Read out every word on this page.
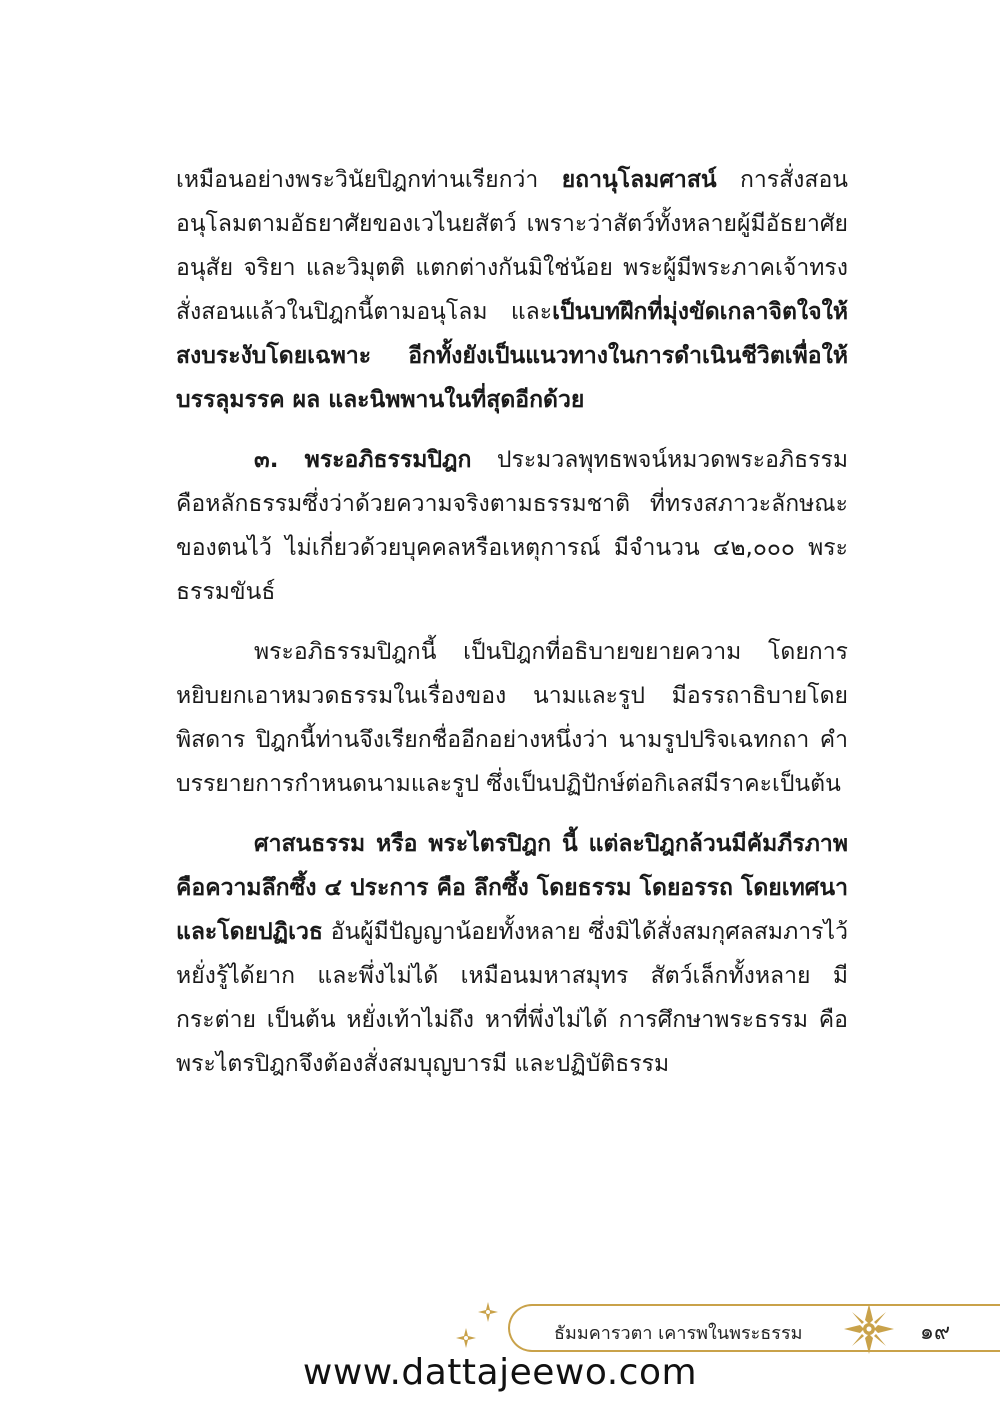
เหมือนอย่างพระวินัยปิฎกท่านเรียกว่า ยถานุโลมศาสน์ การสั่งสอนอนุโลมตามอัธยาศัยของเวไนยสัตว์ เพราะว่าสัตว์ทั้งหลายผู้มีอัธยาศัยอนุสัย จริยา และวิมุตติ แตกต่างกันมิใช่น้อย พระผู้มีพระภาคเจ้าทรงสั่งสอนแล้วในปิฎกนี้ตามอนุโลม และเป็นบทฝึกที่มุ่งขัดเกลาจิตใจให้สงบระงับโดยเฉพาะ อีกทั้งยังเป็นแนวทางในการดำเนินชีวิตเพื่อให้บรรลุมรรค ผล และนิพพานในที่สุดอีกด้วย

๓. พระอภิธรรมปิฎก ประมวลพุทธพจน์หมวดพระอภิธรรม คือหลักธรรมซึ่งว่าด้วยความจริงตามธรรมชาติ ที่ทรงสภาวะลักษณะของตนไว้ ไม่เกี่ยวด้วยบุคคลหรือเหตุการณ์ มีจำนวน ๔๒,๐๐๐ พระธรรมขันธ์

พระอภิธรรมปิฎกนี้ เป็นปิฎกที่อธิบายขยายความ โดยการหยิบยกเอาหมวดธรรมในเรื่องของ นามและรูป มีอรรถาธิบายโดยพิสดาร ปิฎกนี้ท่านจึงเรียกชื่ออีกอย่างหนึ่งว่า นามรูปปริจเฉทกถา คำบรรยายการกำหนดนามและรูป ซึ่งเป็นปฏิปักษ์ต่อกิเลสมีราคะเป็นต้น

ศาสนธรรม หรือ พระไตรปิฎก นี้ แต่ละปิฎกล้วนมีคัมภีรภาพคือความลึกซึ้ง ๔ ประการ คือ ลึกซึ้ง โดยธรรม โดยอรรถ โดยเทศนา และโดยปฏิเวธ อันผู้มีปัญญาน้อยทั้งหลาย ซึ่งมิได้สั่งสมกุศลสมภารไว้ หยั่งรู้ได้ยาก และพึ่งไม่ได้ เหมือนมหาสมุทร สัตว์เล็กทั้งหลาย มีกระต่าย เป็นต้น หยั่งเท้าไม่ถึง หาที่พึ่งไม่ได้ การศึกษาพระธรรม คือ พระไตรปิฎกจึงต้องสั่งสมบุญบารมี และปฏิบัติธรรม

ธัมมคารวตา เคารพในพระธรรม	๑๙
www.dattajeewo.com
